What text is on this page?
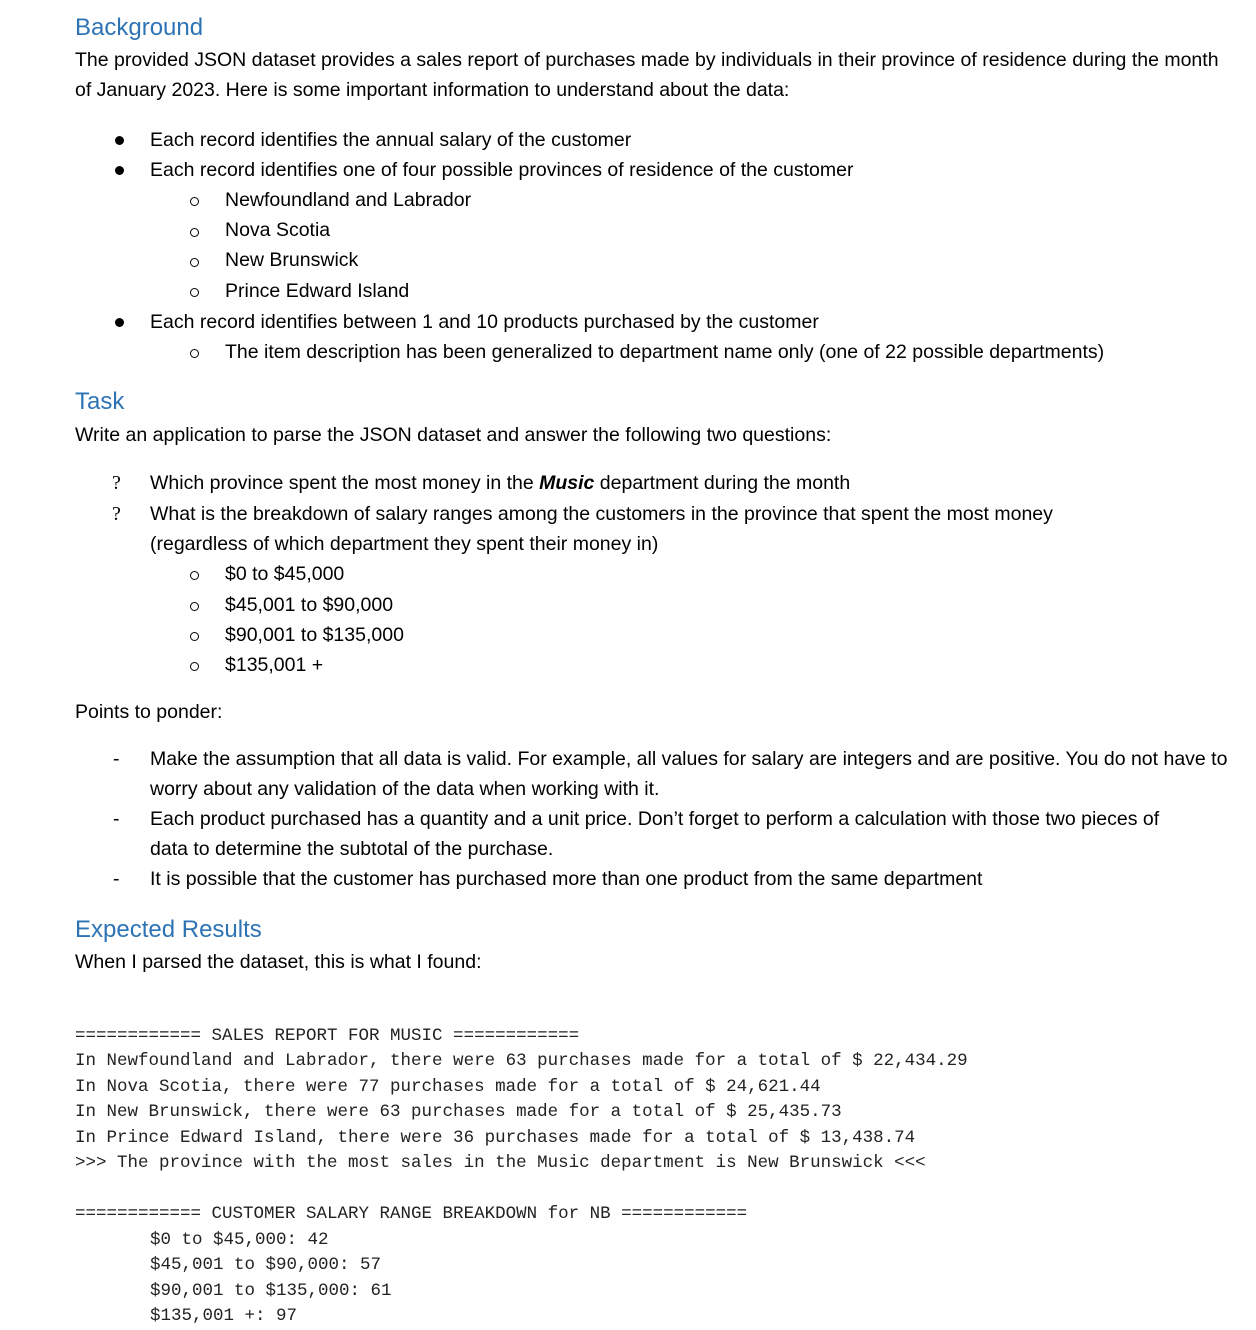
Background

The provided JSON dataset provides a sales report of purchases made by individuals in their province of residence during the month of January 2023. Here is some important information to understand about the data:

Each record identifies the annual salary of the customer
Each record identifies one of four possible provinces of residence of the customer
Newfoundland and Labrador
Nova Scotia
New Brunswick
Prince Edward Island
Each record identifies between 1 and 10 products purchased by the customer
The item description has been generalized to department name only (one of 22 possible departments)
Task

Write an application to parse the JSON dataset and answer the following two questions:

? Which province spent the most money in the Music department during the month
? What is the breakdown of salary ranges among the customers in the province that spent the most money (regardless of which department they spent their money in)
$0 to $45,000
$45,001 to $90,000
$90,001 to $135,000
$135,001 +

Points to ponder:

- Make the assumption that all data is valid. For example, all values for salary are integers and are positive. You do not have to worry about any validation of the data when working with it.
- Each product purchased has a quantity and a unit price. Don’t forget to perform a calculation with those two pieces of data to determine the subtotal of the purchase.
- It is possible that the customer has purchased more than one product from the same department
Expected Results

When I parsed the dataset, this is what I found:

============ SALES REPORT FOR MUSIC ============
In Newfoundland and Labrador, there were 63 purchases made for a total of $ 22,434.29
In Nova Scotia, there were 77 purchases made for a total of $ 24,621.44
In New Brunswick, there were 63 purchases made for a total of $ 25,435.73
In Prince Edward Island, there were 36 purchases made for a total of $ 13,438.74
>>> The province with the most sales in the Music department is New Brunswick <<<
============ CUSTOMER SALARY RANGE BREAKDOWN for NB ============
$0 to $45,000: 42
$45,001 to $90,000: 57
$90,001 to $135,000: 61
$135,001 +: 97
